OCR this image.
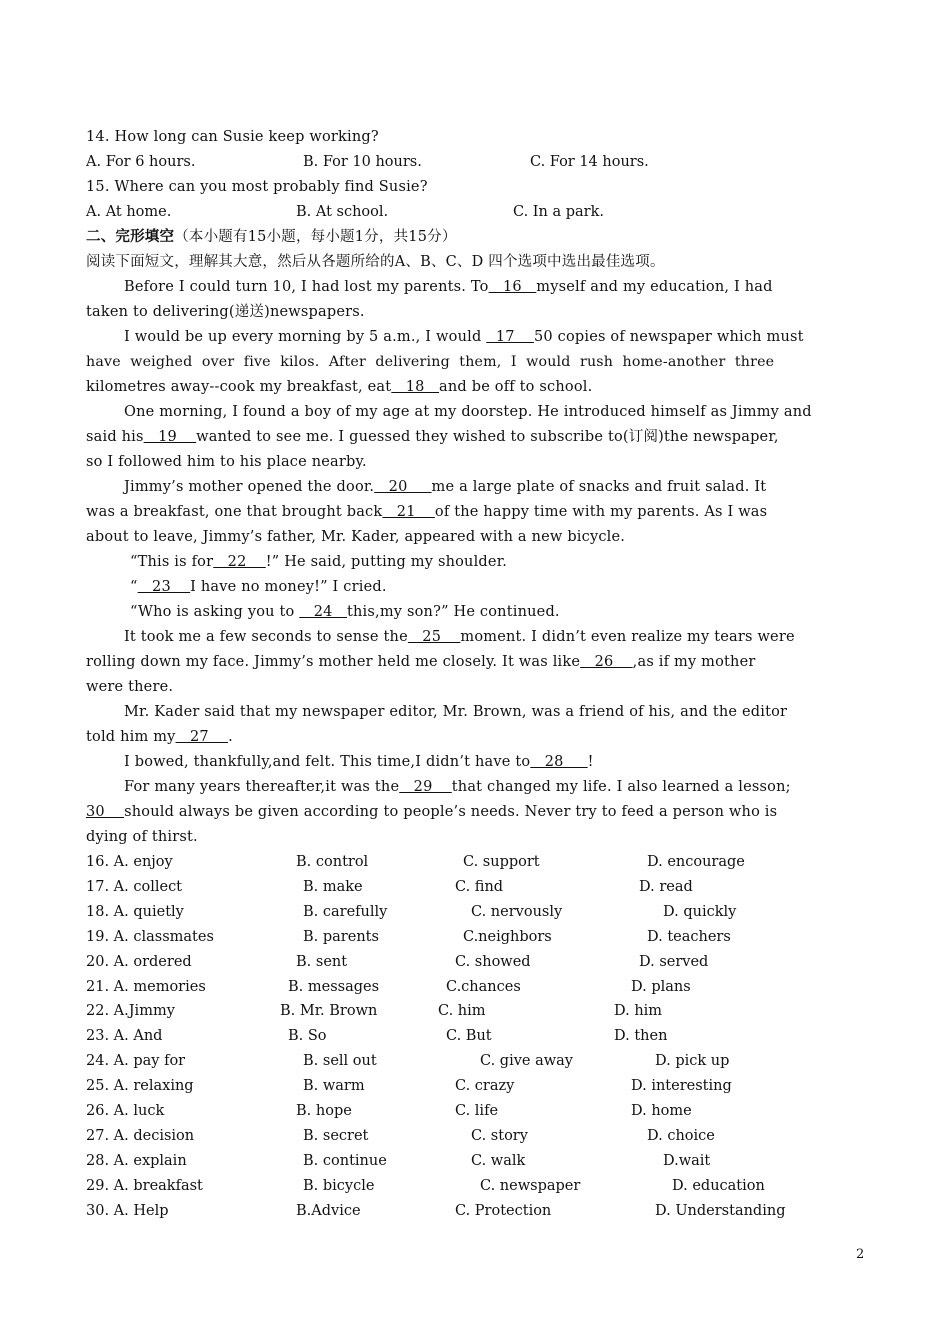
14. How long can Susie keep working?
A. For 6 hours.	B. For 10 hours.	C. For 14 hours.
15. Where can you most probably find Susie?
A. At home.	B. At school.	C. In a park.
二、完形填空（本小题有15小题，每小题1分，共15分）
阅读下面短文，理解其大意，然后从各题所给的A、B、C、D 四个选项中选出最佳选项。
Before I could turn 10, I had lost my parents. To   16   myself and my education, I had
taken to delivering(递送)newspapers.
I would be up every morning by 5 a.m., I would   17    50 copies of newspaper which must
have  weighed  over  five  kilos.  After  delivering  them,  I  would  rush  home-another  three
kilometres away--cook my breakfast, eat   18   and be off to school.
One morning, I found a boy of my age at my doorstep. He introduced himself as Jimmy and
said his   19    wanted to see me. I guessed they wished to subscribe to(订阅)the newspaper,
so I followed him to his place nearby.
Jimmy’s mother opened the door.   20     me a large plate of snacks and fruit salad. It
was a breakfast, one that brought back   21    of the happy time with my parents. As I was
about to leave, Jimmy’s father, Mr. Kader, appeared with a new bicycle.
“This is for   22    !” He said, putting my shoulder.
“   23    I have no money!” I cried.
“Who is asking you to    24   this,my son?” He continued.
It took me a few seconds to sense the   25    moment. I didn’t even realize my tears were
rolling down my face. Jimmy’s mother held me closely. It was like   26    ,as if my mother
were there.
Mr. Kader said that my newspaper editor, Mr. Brown, was a friend of his, and the editor
told him my   27    .
I bowed, thankfully,and felt. This time,I didn’t have to   28     !
For many years thereafter,it was the   29    that changed my life. I also learned a lesson;
30    should always be given according to people’s needs. Never try to feed a person who is
dying of thirst.
16. A. enjoy	B. control	C. support	D. encourage
17. A. collect	B. make	C. find	D. read
18. A. quietly	B. carefully	C. nervously	D. quickly
19. A. classmates	B. parents	C.neighbors	D. teachers
20. A. ordered	B. sent	C. showed	D. served
21. A. memories	B. messages	C.chances	D. plans
22. A.Jimmy	B. Mr. Brown	C. him	D. him
23. A. And	B. So	C. But	D. then
24. A. pay for	B. sell out	C. give away	D. pick up
25. A. relaxing	B. warm	C. crazy	D. interesting
26. A. luck	B. hope	C. life	D. home
27. A. decision	B. secret	C. story	D. choice
28. A. explain	B. continue	C. walk	D.wait
29. A. breakfast	B. bicycle	C. newspaper	D. education
30. A. Help	B.Advice	C. Protection	D. Understanding
2
